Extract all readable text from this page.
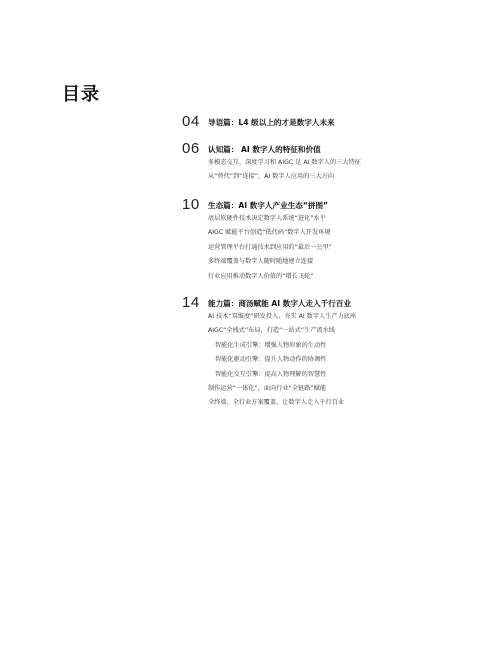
目录
04 导语篇：L4 级以上的才是数字人未来
06 认知篇： AI 数字人的特征和价值
多模态交互、深度学习和 AIGC 是 AI 数字人的三大特征
从“替代”到“连接”，AI 数字人应用的三大方向
10 生态篇：AI 数字人产业生态“拼图”
底层软硬件技术决定数字人系统“进化”水平
AIGC 赋能平台创造“低代码”数字人开发环境
运营管理平台打通技术到应用的“最后一公里”
多终端覆盖与数字人随时随地建立连接
行业应用推动数字人价值的“增长飞轮”
14 能力篇：商汤赋能 AI 数字人走入千行百业
AI 技术“双维度”研发投入，夯实 AI 数字人生产力底座
AIGC“全栈式”布局，打造“一站式”生产流水线
智能化生成引擎：增强人物形象的生动性
智能化驱动引擎：提升人物动作的协调性
智能化交互引擎：提高人物理解的智慧性
制作运营“一体化”，面向行业“全链路”赋能
全终端、全行业方案覆盖，让数字人走入千行百业
